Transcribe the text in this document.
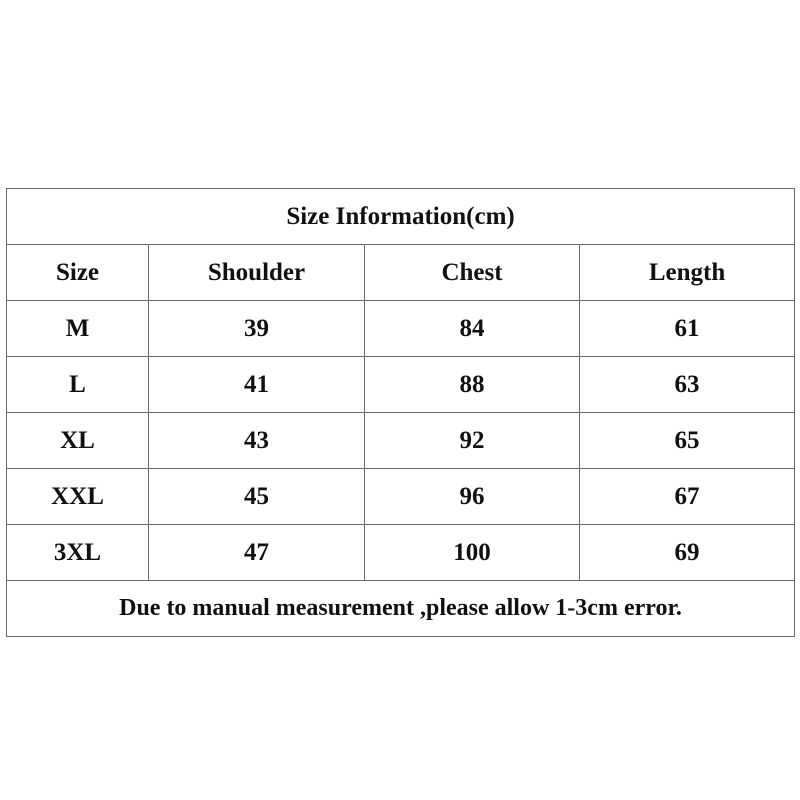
Size Information(cm)			
Size	Shoulder	Chest	Length
M	39	84	61
L	41	88	63
XL	43	92	65
XXL	45	96	67
3XL	47	100	69
Due to manual measurement ,please allow 1-3cm error.			
